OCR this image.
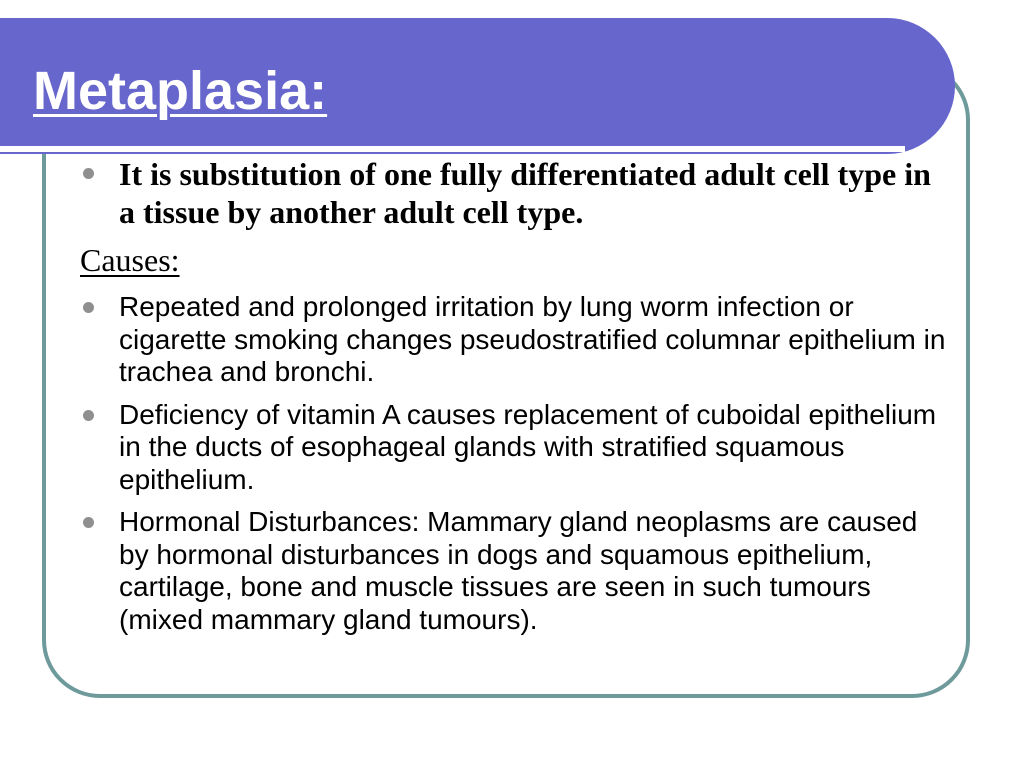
Metaplasia:
It is substitution of one fully differentiated adult cell type in a tissue by another adult cell type.
Causes:
Repeated and prolonged irritation by lung worm infection or cigarette smoking changes pseudostratified columnar epithelium in trachea and bronchi.
Deficiency of vitamin A causes replacement of cuboidal epithelium in the ducts of esophageal glands with stratified squamous epithelium.
Hormonal Disturbances: Mammary gland neoplasms are caused by hormonal disturbances in dogs and squamous epithelium, cartilage, bone and muscle tissues are seen in such tumours (mixed mammary gland tumours).
